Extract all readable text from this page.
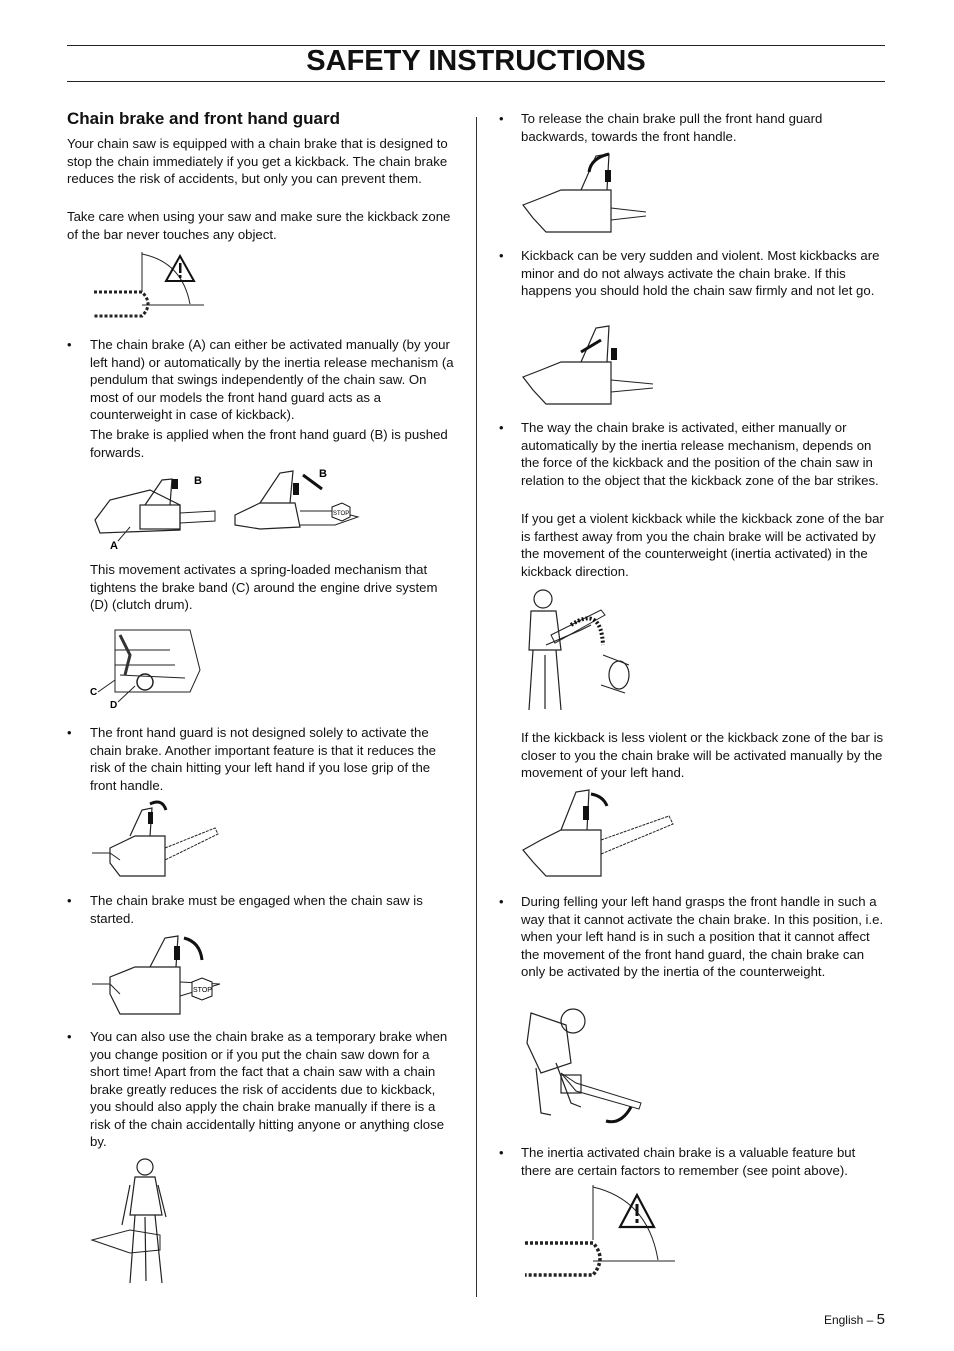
SAFETY INSTRUCTIONS
Chain brake and front hand guard

Your chain saw is equipped with a chain brake that is designed to stop the chain immediately if you get a kickback. The chain brake reduces the risk of accidents, but only you can prevent them.

Take care when using your saw and make sure the kickback zone of the bar never touches any object.

• The chain brake (A) can either be activated manually (by your left hand) or automatically by the inertia release mechanism (a pendulum that swings independently of the chain saw. On most of our models the front hand guard acts as a counterweight in case of kickback).

The brake is applied when the front hand guard (B) is pushed forwards.

B
A
B
STOP

This movement activates a spring-loaded mechanism that tightens the brake band (C) around the engine drive system (D) (clutch drum).

C
D
• The front hand guard is not designed solely to activate the chain brake. Another important feature is that it reduces the risk of the chain hitting your left hand if you lose grip of the front handle.

• The chain brake must be engaged when the chain saw is started.

STOP
• You can also use the chain brake as a temporary brake when you change position or if you put the chain saw down for a short time! Apart from the fact that a chain saw with a chain brake greatly reduces the risk of accidents due to kickback, you should also apply the chain brake manually if there is a risk of the chain accidentally hitting anyone or anything close by.

• To release the chain brake pull the front hand guard backwards, towards the front handle.

• Kickback can be very sudden and violent. Most kickbacks are minor and do not always activate the chain brake. If this happens you should hold the chain saw firmly and not let go.

• The way the chain brake is activated, either manually or automatically by the inertia release mechanism, depends on the force of the kickback and the position of the chain saw in relation to the object that the kickback zone of the bar strikes.

If you get a violent kickback while the kickback zone of the bar is farthest away from you the chain brake will be activated by the movement of the counterweight (inertia activated) in the kickback direction.

If the kickback is less violent or the kickback zone of the bar is closer to you the chain brake will be activated manually by the movement of your left hand.

• During felling your left hand grasps the front handle in such a way that it cannot activate the chain brake. In this position, i.e. when your left hand is in such a position that it cannot affect the movement of the front hand guard, the chain brake can only be activated by the inertia of the counterweight.

• The inertia activated chain brake is a valuable feature but there are certain factors to remember (see point above).

English – 5
